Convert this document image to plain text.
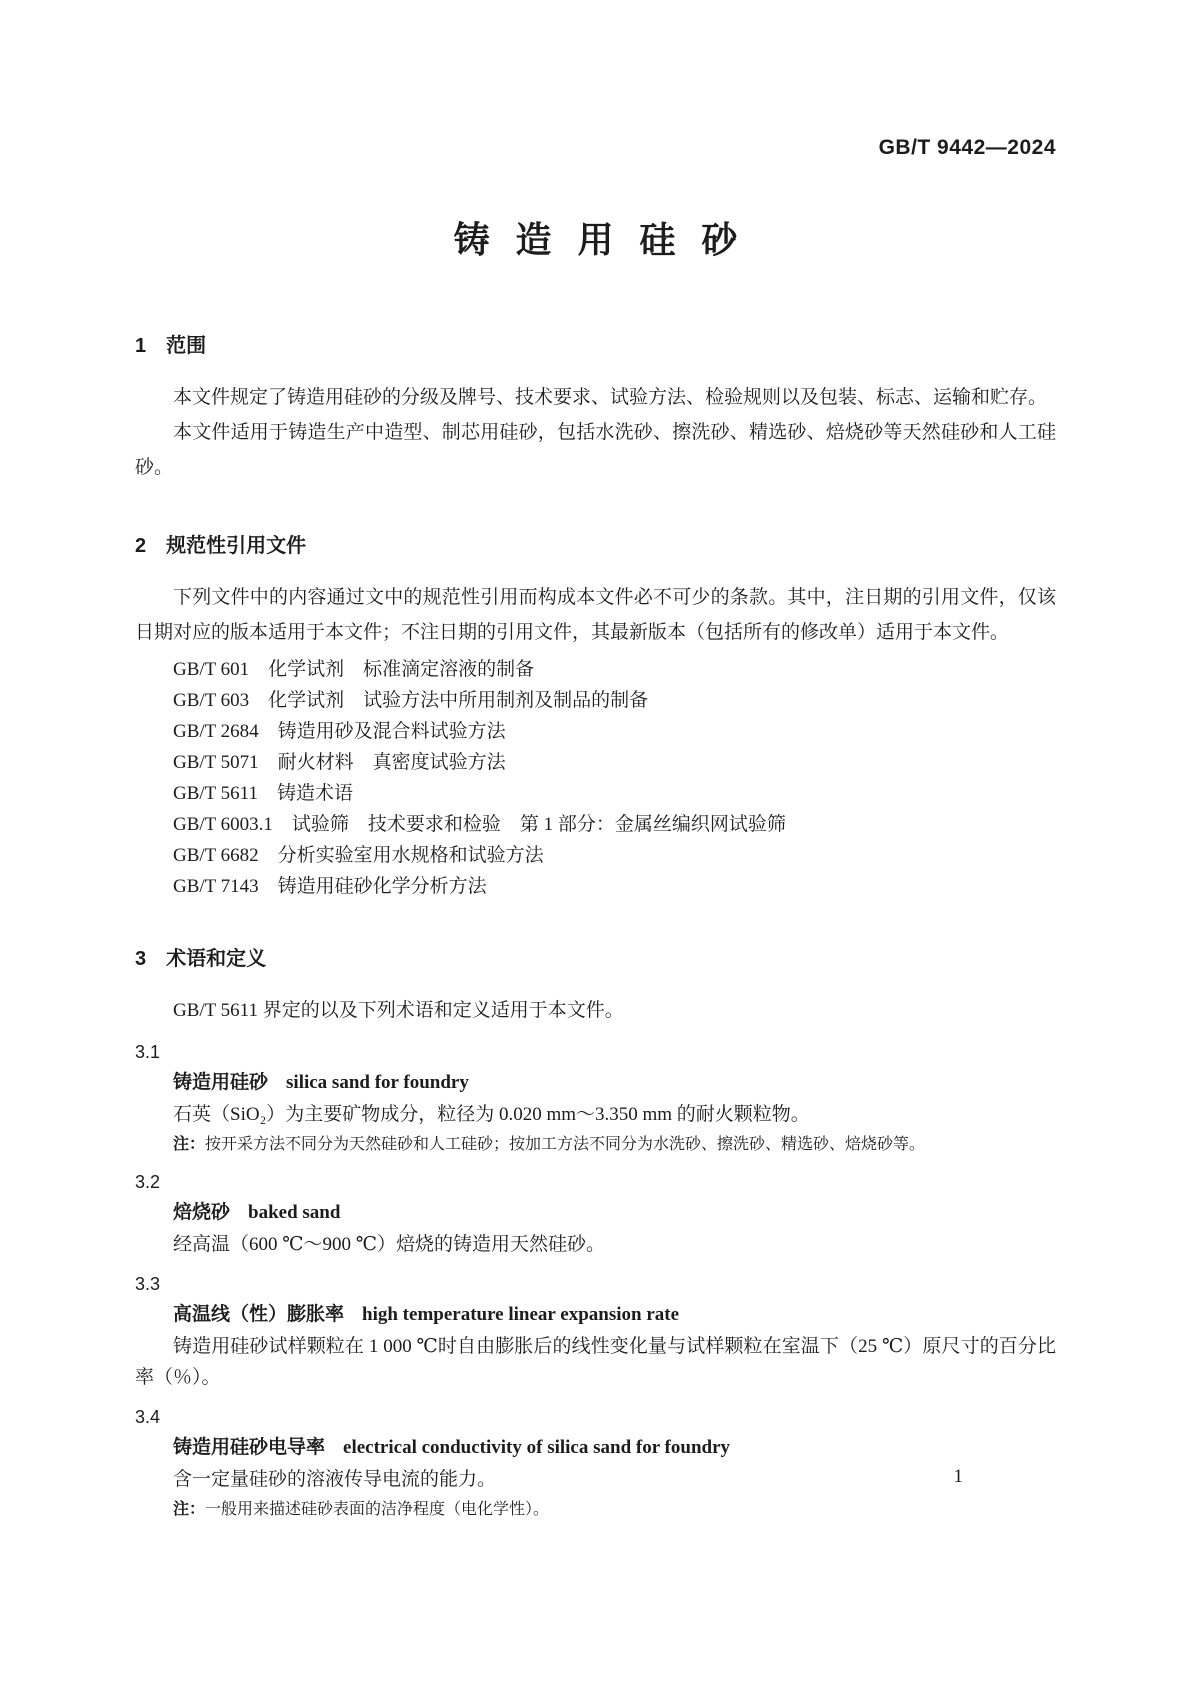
GB/T 9442—2024
铸造用硅砂
1　范围

本文件规定了铸造用硅砂的分级及牌号、技术要求、试验方法、检验规则以及包装、标志、运输和贮存。

本文件适用于铸造生产中造型、制芯用硅砂，包括水洗砂、擦洗砂、精选砂、焙烧砂等天然硅砂和人工硅砂。

2　规范性引用文件

下列文件中的内容通过文中的规范性引用而构成本文件必不可少的条款。其中，注日期的引用文件，仅该日期对应的版本适用于本文件；不注日期的引用文件，其最新版本（包括所有的修改单）适用于本文件。

GB/T 601　化学试剂　标准滴定溶液的制备
GB/T 603　化学试剂　试验方法中所用制剂及制品的制备
GB/T 2684　铸造用砂及混合料试验方法
GB/T 5071　耐火材料　真密度试验方法
GB/T 5611　铸造术语
GB/T 6003.1　试验筛　技术要求和检验　第 1 部分：金属丝编织网试验筛
GB/T 6682　分析实验室用水规格和试验方法
GB/T 7143　铸造用硅砂化学分析方法
3　术语和定义

GB/T 5611 界定的以及下列术语和定义适用于本文件。

3.1
铸造用硅砂 silica sand for foundry

石英（SiO₂）为主要矿物成分，粒径为 0.020 mm～3.350 mm 的耐火颗粒物。

注：按开采方法不同分为天然硅砂和人工硅砂；按加工方法不同分为水洗砂、擦洗砂、精选砂、焙烧砂等。

3.2
焙烧砂 baked sand

经高温（600 ℃～900 ℃）焙烧的铸造用天然硅砂。

3.3
高温线（性）膨胀率 high temperature linear expansion rate

铸造用硅砂试样颗粒在 1 000 ℃时自由膨胀后的线性变化量与试样颗粒在室温下（25 ℃）原尺寸的百分比率（％）。

3.4
铸造用硅砂电导率 electrical conductivity of silica sand for foundry

含一定量硅砂的溶液传导电流的能力。

注：一般用来描述硅砂表面的洁净程度（电化学性）。

1
